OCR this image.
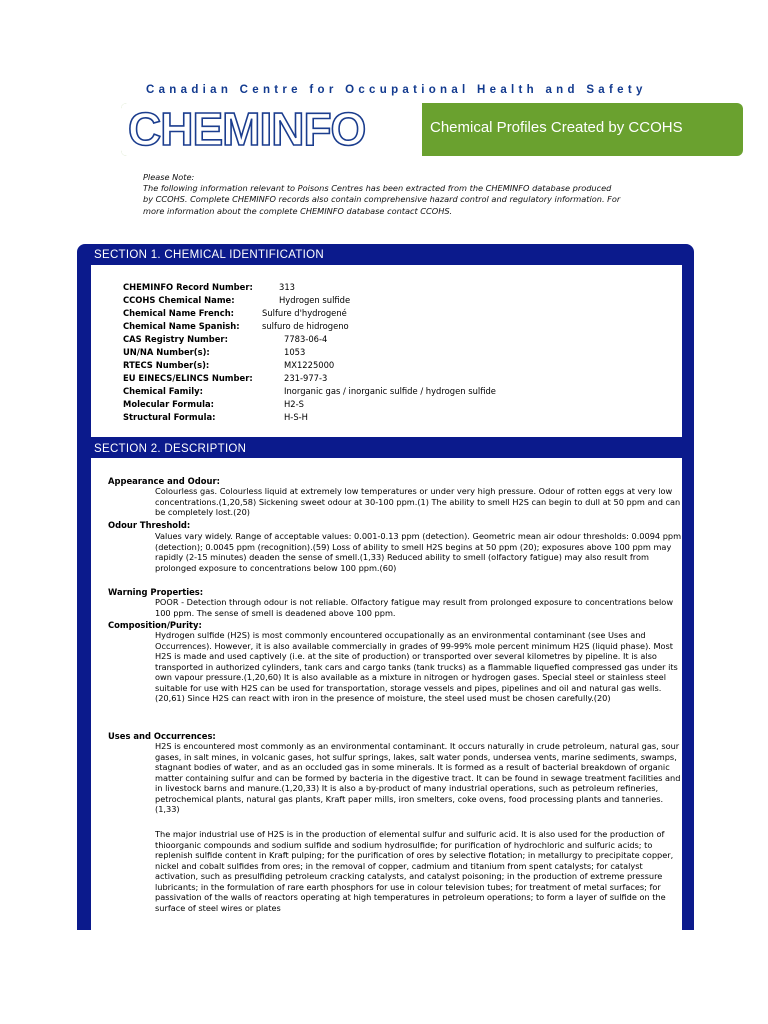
Canadian Centre for Occupational Health and Safety
CHEMINFO	Chemical Profiles Created by CCOHS

Please Note:

The following information relevant to Poisons Centres has been extracted from the CHEMINFO database produced by CCOHS. Complete CHEMINFO records also contain comprehensive hazard control and regulatory information. For more information about the complete CHEMINFO database contact CCOHS.

SECTION 1. CHEMICAL IDENTIFICATION
CHEMINFO Record Number:	313
CCOHS Chemical Name:	Hydrogen sulfide
Chemical Name French:	Sulfure d'hydrogené
Chemical Name Spanish:	sulfuro de hidrogeno
CAS Registry Number:	7783-06-4
UN/NA Number(s):	1053
RTECS Number(s):	MX1225000
EU EINECS/ELINCS Number:	231-977-3
Chemical Family:	Inorganic gas / inorganic sulfide / hydrogen sulfide
Molecular Formula:	H2-S
Structural Formula:	H-S-H
SECTION 2. DESCRIPTION
Appearance and Odour:

Colourless gas. Colourless liquid at extremely low temperatures or under very high pressure. Odour of rotten eggs at very low concentrations.(1,20,58) Sickening sweet odour at 30-100 ppm.(1) The ability to smell H2S can begin to dull at 50 ppm and can be completely lost.(20)

Odour Threshold:

Values vary widely. Range of acceptable values: 0.001-0.13 ppm (detection). Geometric mean air odour thresholds: 0.0094 ppm (detection); 0.0045 ppm (recognition).(59) Loss of ability to smell H2S begins at 50 ppm (20); exposures above 100 ppm may rapidly (2-15 minutes) deaden the sense of smell.(1,33) Reduced ability to smell (olfactory fatigue) may also result from prolonged exposure to concentrations below 100 ppm.(60)

Warning Properties:

POOR - Detection through odour is not reliable. Olfactory fatigue may result from prolonged exposure to concentrations below 100 ppm. The sense of smell is deadened above 100 ppm.

Composition/Purity:

Hydrogen sulfide (H2S) is most commonly encountered occupationally as an environmental contaminant (see Uses and Occurrences). However, it is also available commercially in grades of 99-99% mole percent minimum H2S (liquid phase). Most H2S is made and used captively (i.e. at the site of production) or transported over several kilometres by pipeline. It is also transported in authorized cylinders, tank cars and cargo tanks (tank trucks) as a flammable liquefied compressed gas under its own vapour pressure.(1,20,60) It is also available as a mixture in nitrogen or hydrogen gases. Special steel or stainless steel suitable for use with H2S can be used for transportation, storage vessels and pipes, pipelines and oil and natural gas wells.(20,61) Since H2S can react with iron in the presence of moisture, the steel used must be chosen carefully.(20)

Uses and Occurrences:

H2S is encountered most commonly as an environmental contaminant. It occurs naturally in crude petroleum, natural gas, sour gases, in salt mines, in volcanic gases, hot sulfur springs, lakes, salt water ponds, undersea vents, marine sediments, swamps, stagnant bodies of water, and as an occluded gas in some minerals. It is formed as a result of bacterial breakdown of organic matter containing sulfur and can be formed by bacteria in the digestive tract. It can be found in sewage treatment facilities and in livestock barns and manure.(1,20,33) It is also a by-product of many industrial operations, such as petroleum refineries, petrochemical plants, natural gas plants, Kraft paper mills, iron smelters, coke ovens, food processing plants and tanneries.(1,33)

The major industrial use of H2S is in the production of elemental sulfur and sulfuric acid. It is also used for the production of thioorganic compounds and sodium sulfide and sodium hydrosulfide; for purification of hydrochloric and sulfuric acids; to replenish sulfide content in Kraft pulping; for the purification of ores by selective flotation; in metallurgy to precipitate copper, nickel and cobalt sulfides from ores; in the removal of copper, cadmium and titanium from spent catalysts; for catalyst activation, such as presulfiding petroleum cracking catalysts, and catalyst poisoning; in the production of extreme pressure lubricants; in the formulation of rare earth phosphors for use in colour television tubes; for treatment of metal surfaces; for passivation of the walls of reactors operating at high temperatures in petroleum operations; to form a layer of sulfide on the surface of steel wires or plates
